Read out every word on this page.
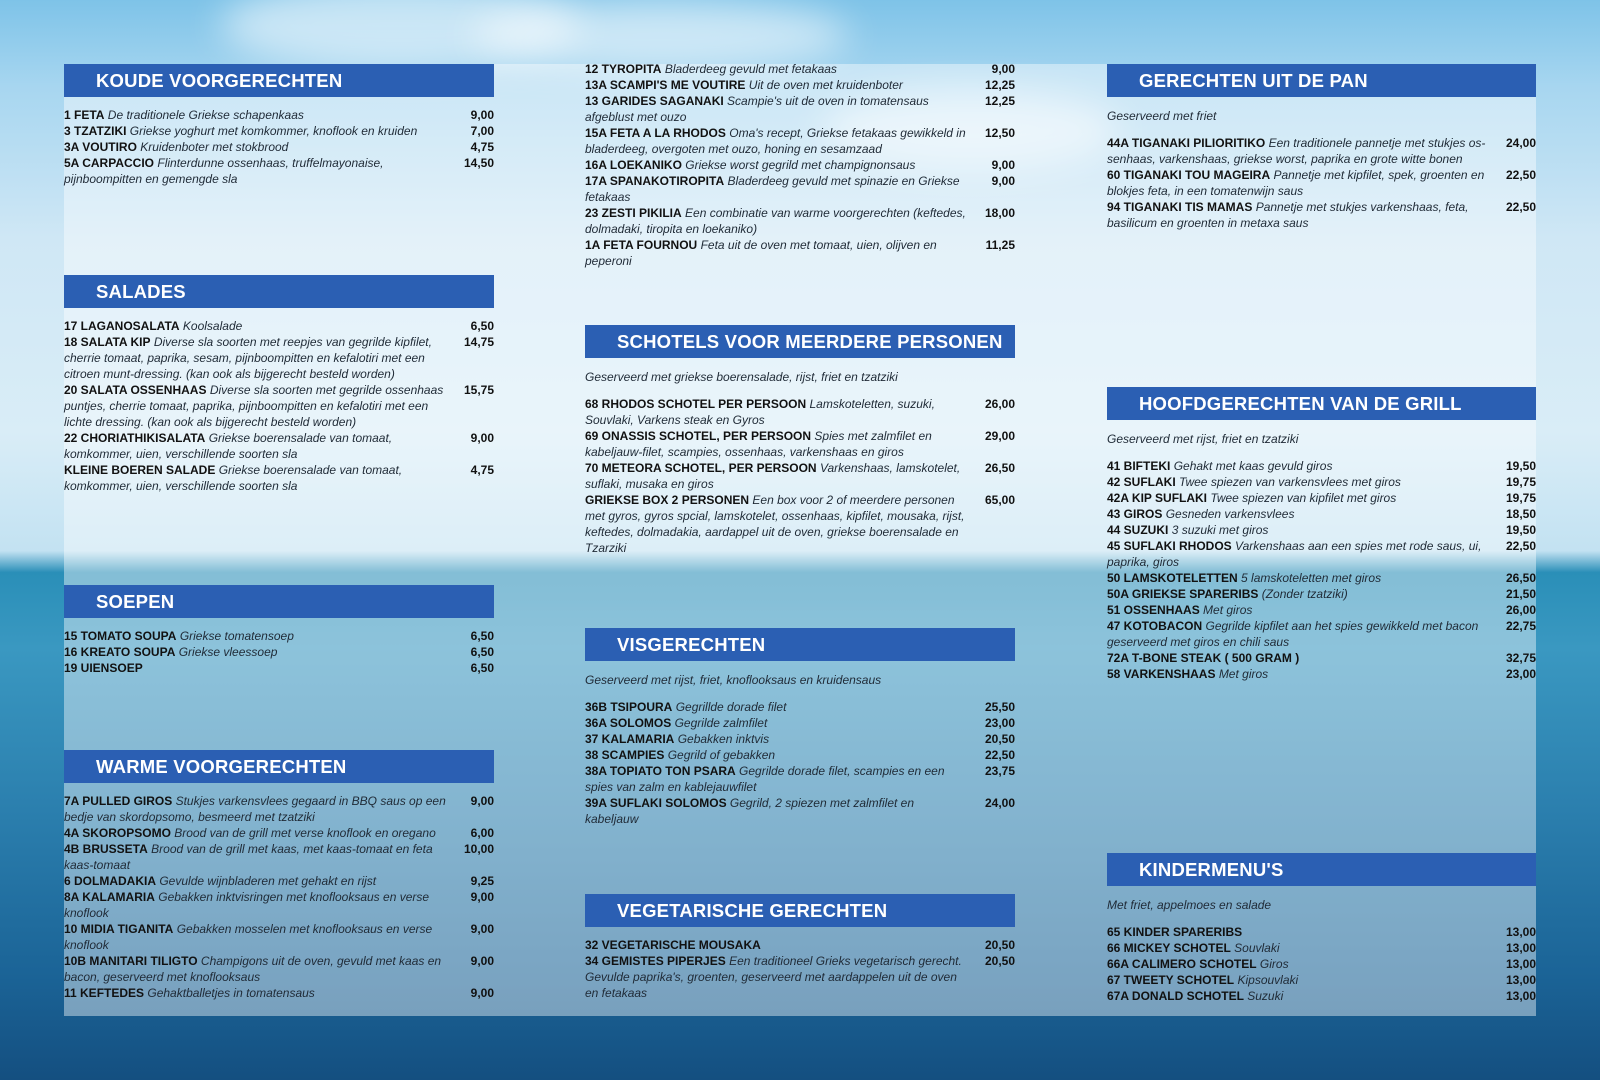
KOUDE VOORGERECHTEN
1 FETA De traditionele Griekse schapenkaas	9,00
3 TZATZIKI Griekse yoghurt met komkommer, knoflook en kruiden	7,00
3A VOUTIRO Kruidenboter met stokbrood	4,75
5A CARPACCIO Flinterdunne ossenhaas, truffelmayonaise, pijnboompitten en gemengde sla
14,50
SALADES
17 LAGANOSALATA Koolsalade	6,50
18 SALATA KIP Diverse sla soorten met reepjes van gegrilde kipfilet, cherrie tomaat, paprika, sesam, pijnboompitten en kefalotiri met een citroen munt-dressing. (kan ook als bijgerecht besteld worden)
14,75
20 SALATA OSSENHAAS Diverse sla soorten met gegrilde ossenhaas puntjes, cherrie tomaat, paprika, pijnboompitten en kefalotiri met een lichte dressing. (kan ook als bijgerecht besteld worden)
15,75
22 CHORIATHIKISALATA Griekse boerensalade van tomaat, komkommer, uien, verschillende soorten sla
9,00
KLEINE BOEREN SALADE Griekse boerensalade van tomaat, komkommer, uien, verschillende soorten sla
4,75
SOEPEN
15 TOMATO SOUPA Griekse tomatensoep	6,50
16 KREATO SOUPA Griekse vleessoep	6,50
19 UIENSOEP	6,50
WARME VOORGERECHTEN
7A PULLED GIROS Stukjes varkensvlees gegaard in BBQ saus op een bedje van skordopsomo, besmeerd met tzatziki
9,00
4A SKOROPSOMO Brood van de grill met verse knoflook en oregano	6,00
4B BRUSSETA Brood van de grill met kaas, met kaas-tomaat en feta kaas-tomaat
10,00
6 DOLMADAKIA Gevulde wijnbladeren met gehakt en rijst	9,25
8A KALAMARIA Gebakken inktvisringen met knoflooksaus en verse knoflook
9,00
10 MIDIA TIGANITA Gebakken mosselen met knoflooksaus en verse knoflook
9,00
10B MANITARI TILIGTO Champigons uit de oven, gevuld met kaas en bacon, geserveerd met knoflooksaus
9,00
11 KEFTEDES Gehaktballetjes in tomatensaus	9,00
12 TYROPITA Bladerdeeg gevuld met fetakaas	9,00
13A SCAMPI'S ME VOUTIRE Uit de oven met kruidenboter	12,25
13 GARIDES SAGANAKI Scampie's uit de oven in tomatensaus afgeblust met ouzo
12,25
15A FETA A LA RHODOS Oma's recept, Griekse fetakaas gewikkeld in bladerdeeg, overgoten met ouzo, honing en sesamzaad
12,50
16A LOEKANIKO Griekse worst gegrild met champignonsaus	9,00
17A SPANAKOTIROPITA Bladerdeeg gevuld met spinazie en Griekse fetakaas
9,00
23 ZESTI PIKILIA Een combinatie van warme voorgerechten (keftedes, dolmadaki, tiropita en loekaniko)
18,00
1A FETA FOURNOU Feta uit de oven met tomaat, uien, olijven en peperoni
11,25
SCHOTELS VOOR MEERDERE PERSONEN
Geserveerd met griekse boerensalade, rijst, friet en tzatziki
68 RHODOS SCHOTEL PER PERSOON Lamskoteletten, suzuki, Souvlaki, Varkens steak en Gyros
26,00
69 ONASSIS SCHOTEL, PER PERSOON Spies met zalmfilet en kabeljauw-filet, scampies, ossenhaas, varkenshaas en giros
29,00
70 METEORA SCHOTEL, PER PERSOON Varkenshaas, lamskotelet, suflaki, musaka en giros
26,50
GRIEKSE BOX 2 PERSONEN Een box voor 2 of meerdere personen met gyros, gyros spcial, lamskotelet, ossenhaas, kipfilet, mousaka, rijst, keftedes, dolmadakia, aardappel uit de oven, griekse boerensalade en Tzarziki
65,00
VISGERECHTEN
Geserveerd met rijst, friet, knoflooksaus en kruidensaus
36B TSIPOURA Gegrillde dorade filet	25,50
36A SOLOMOS Gegrilde zalmfilet	23,00
37 KALAMARIA Gebakken inktvis	20,50
38 SCAMPIES Gegrild of gebakken	22,50
38A TOPIATO TON PSARA Gegrilde dorade filet, scampies en een spies van zalm en kablejauwfilet
23,75
39A SUFLAKI SOLOMOS Gegrild, 2 spiezen met zalmfilet en kabeljauw
24,00
VEGETARISCHE GERECHTEN
32 VEGETARISCHE MOUSAKA	20,50
34 GEMISTES PIPERJES Een traditioneel Grieks vegetarisch gerecht. Gevulde paprika's, groenten, geserveerd met aardappelen uit de oven en fetakaas
20,50
GERECHTEN UIT DE PAN
Geserveerd met friet
44A TIGANAKI PILIORITIKO Een traditionele pannetje met stukjes os-senhaas, varkenshaas, griekse worst, paprika en grote witte bonen
24,00
60 TIGANAKI TOU MAGEIRA Pannetje met kipfilet, spek, groenten en blokjes feta, in een tomatenwijn saus
22,50
94 TIGANAKI TIS MAMAS Pannetje met stukjes varkenshaas, feta, basilicum en groenten in metaxa saus
22,50
HOOFDGERECHTEN VAN DE GRILL
Geserveerd met rijst, friet en tzatziki
41 BIFTEKI Gehakt met kaas gevuld giros	19,50
42 SUFLAKI Twee spiezen van varkensvlees met giros	19,75
42A KIP SUFLAKI Twee spiezen van kipfilet met giros	19,75
43 GIROS Gesneden varkensvlees	18,50
44 SUZUKI 3 suzuki met giros	19,50
45 SUFLAKI RHODOS Varkenshaas aan een spies met rode saus, ui, paprika, giros
22,50
50 LAMSKOTELETTEN 5 lamskoteletten met giros	26,50
50A GRIEKSE SPARERIBS (Zonder tzatziki)	21,50
51 OSSENHAAS Met giros	26,00
47 KOTOBACON Gegrilde kipfilet aan het spies gewikkeld met bacon geserveerd met giros en chili saus
22,75
72A T-BONE STEAK ( 500 GRAM )	32,75
58 VARKENSHAAS Met giros	23,00
KINDERMENU'S
Met friet, appelmoes en salade
65 KINDER SPARERIBS	13,00
66 MICKEY SCHOTEL Souvlaki	13,00
66A CALIMERO SCHOTEL Giros	13,00
67 TWEETY SCHOTEL Kipsouvlaki	13,00
67A DONALD SCHOTEL Suzuki	13,00
